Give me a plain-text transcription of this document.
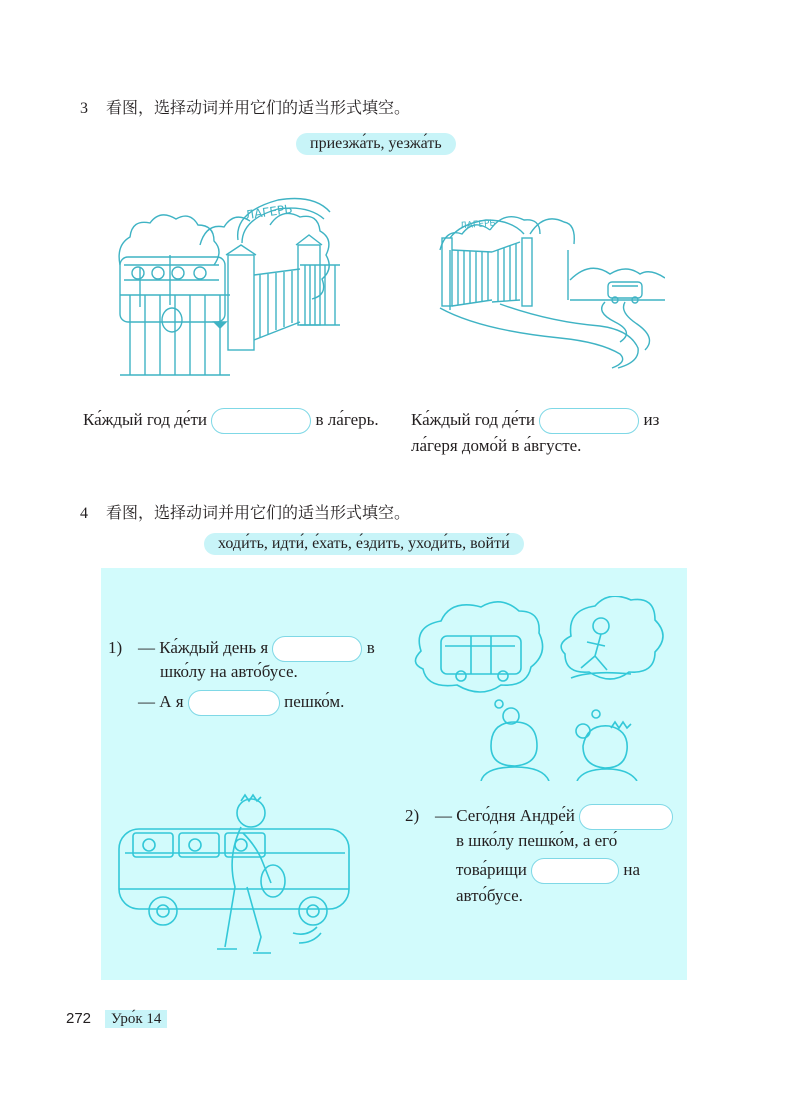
3 看图，选择动词并用它们的适当形式填空。
приезжа́ть, уезжа́ть
ЛАГЕРЬ
ЛАГЕРЬ
Ка́ждый год де́ти	в ла́герь. Ка́ждый год де́ти	из
ла́геря домо́й в а́вгусте.
4 看图，选择动词并用它们的适当形式填空。
ходи́ть, идти́, е́хать, е́здить, уходи́ть, войти́
1) — Ка́ждый день я	в
шко́лу на авто́бусе.
— А я	пешко́м.
2) — Сего́дня Андре́й
в шко́лу пешко́м, а его́
това́рищи	на
авто́бусе.
272 Уро́к 14
